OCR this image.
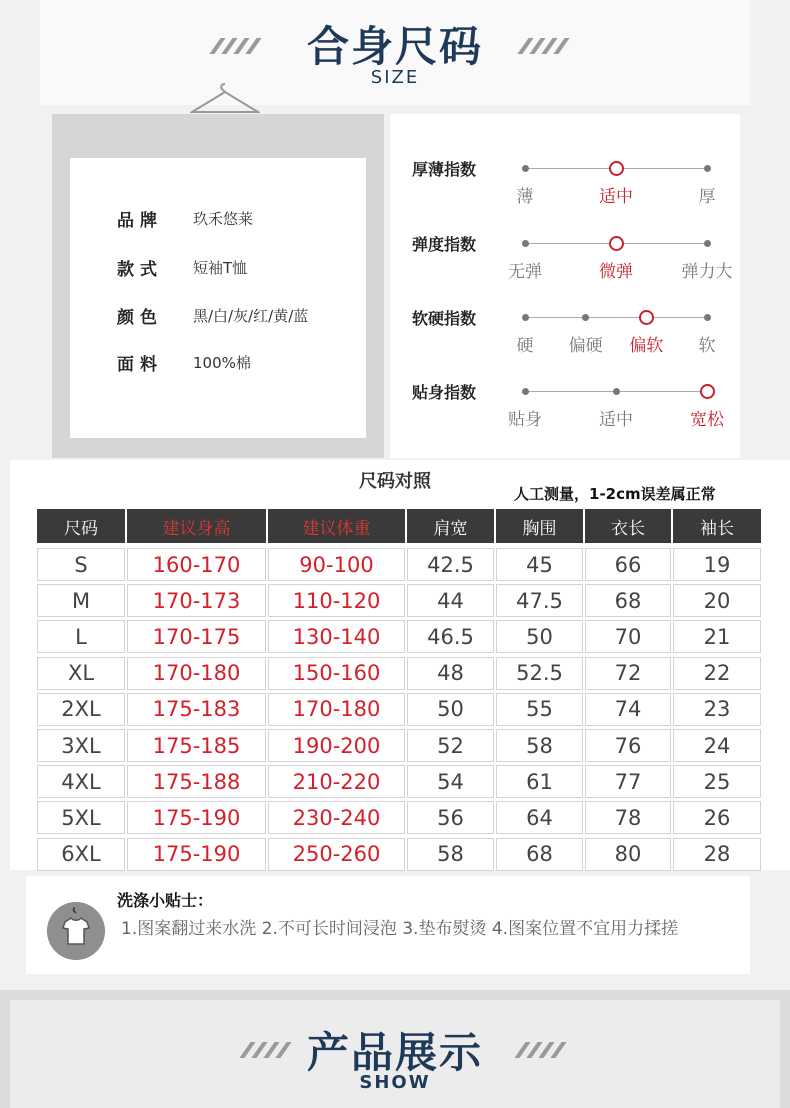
合身尺码
SIZE
品牌	玖禾悠莱
款式	短袖T恤
颜色	黑/白/灰/红/黄/蓝
面料	100%棉
厚薄指数
薄	适中	厚
弹度指数
无弹	微弹	弹力大
软硬指数
硬 偏硬 偏软 软
贴身指数
贴身	适中	宽松
尺码对照
人工测量，1-2cm误差属正常
尺码	建议身高	建议体重	肩宽	胸围	衣长	袖长
S	160-170	90-100	42.5	45	66	19
M	170-173	110-120	44	47.5	68	20
L	170-175	130-140	46.5	50	70	21
XL	170-180	150-160	48	52.5	72	22
2XL	175-183	170-180	50	55	74	23
3XL	175-185	190-200	52	58	76	24
4XL	175-188	210-220	54	61	77	25
5XL	175-190	230-240	56	64	78	26
6XL	175-190	250-260	58	68	80	28
洗涤小贴士：
1.图案翻过来水洗 2.不可长时间浸泡 3.垫布熨烫 4.图案位置不宜用力揉搓
产品展示
SHOW
